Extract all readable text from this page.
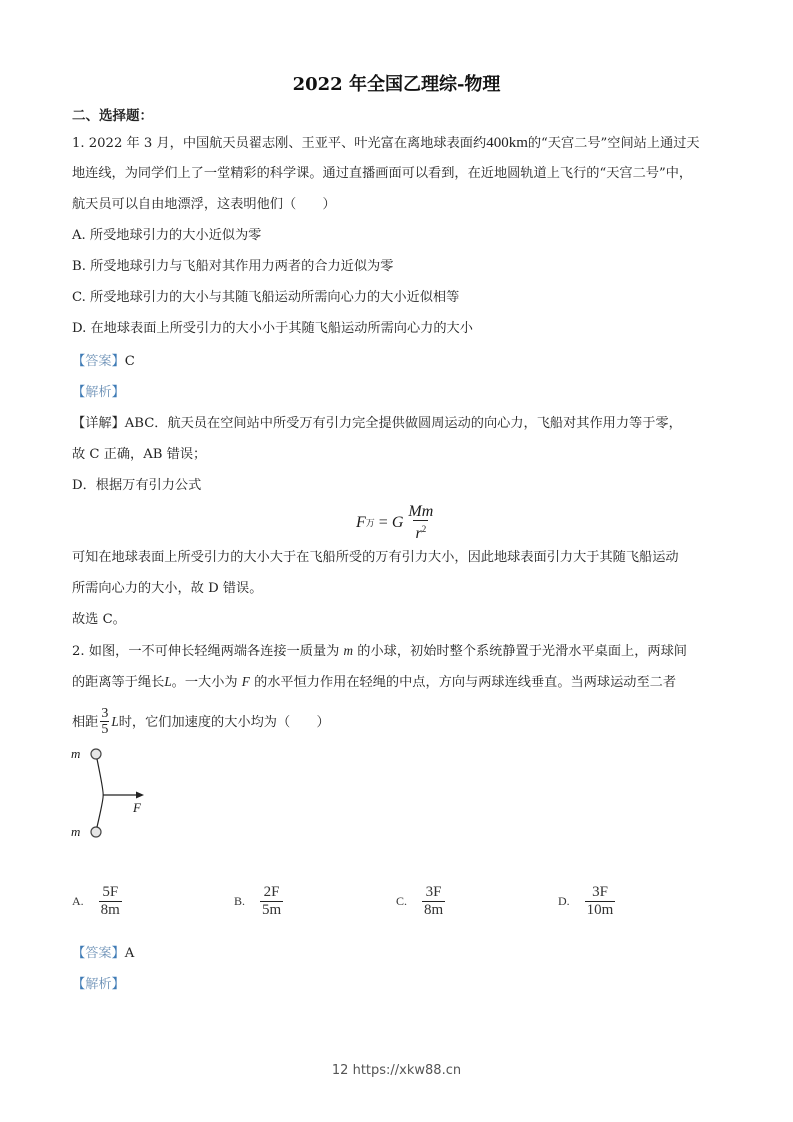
2022 年全国乙理综-物理
二、选择题：
1. 2022 年 3 月，中国航天员翟志刚、王亚平、叶光富在离地球表面约400km的“天宫二号”空间站上通过天
地连线，为同学们上了一堂精彩的科学课。通过直播画面可以看到，在近地圆轨道上飞行的“天宫二号”中，
航天员可以自由地漂浮，这表明他们（　　）
A. 所受地球引力的大小近似为零
B. 所受地球引力与飞船对其作用力两者的合力近似为零
C. 所受地球引力的大小与其随飞船运动所需向心力的大小近似相等
D. 在地球表面上所受引力的大小小于其随飞船运动所需向心力的大小
【答案】C
【解析】
【详解】ABC．航天员在空间站中所受万有引力完全提供做圆周运动的向心力，飞船对其作用力等于零，
故 C 正确，AB 错误；
D．根据万有引力公式
F 万 = G $\frac{Mm}{r^2}$
可知在地球表面上所受引力的大小大于在飞船所受的万有引力大小，因此地球表面引力大于其随飞船运动
所需向心力的大小，故 D 错误。
故选 C。
2. 如图，一不可伸长轻绳两端各连接一质量为 m 的小球，初始时整个系统静置于光滑水平桌面上，两球间
的距离等于绳长L。一大小为 F 的水平恒力作用在轻绳的中点，方向与两球连线垂直。当两球运动至二者
相距 $\frac{3}{5}$ L时，它们加速度的大小均为（　　）
m
m
F
A. $\frac{5F}{8m}$	B. $\frac{2F}{5m}$	C. $\frac{3F}{8m}$	D. $\frac{3F}{10m}$
【答案】A
【解析】
12 https://xkw88.cn
